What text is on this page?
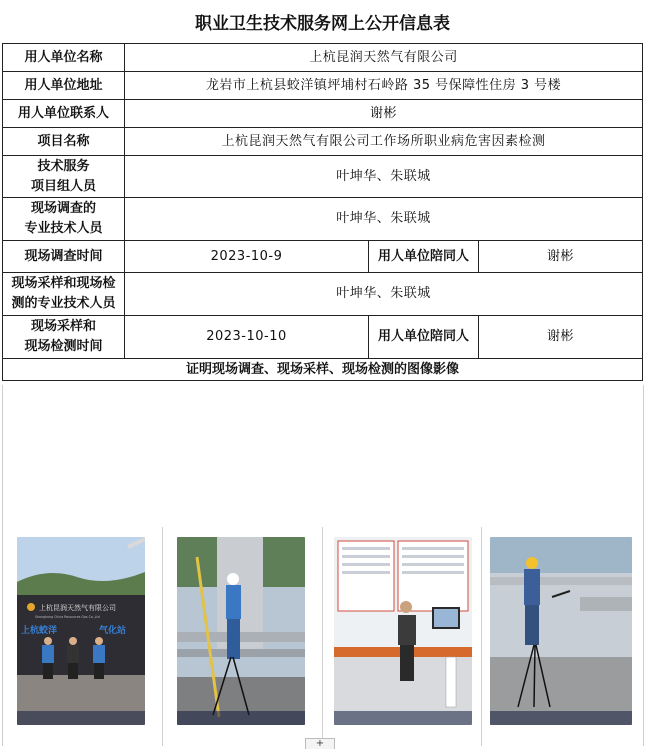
职业卫生技术服务网上公开信息表
用人单位名称	上杭昆润天然气有限公司		
用人单位地址	龙岩市上杭县蛟洋镇坪埔村石岭路 35 号保障性住房 3 号楼		
用人单位联系人	谢彬		
项目名称	上杭昆润天然气有限公司工作场所职业病危害因素检测		

技术服务
项目组人员	叶坤华、朱联城		

现场调查的
专业技术人员	叶坤华、朱联城		
现场调查时间	2023-10-9	用人单位陪同人	谢彬

现场采样和现场检
测的专业技术人员	叶坤华、朱联城		

现场采样和
现场检测时间	2023-10-10	用人单位陪同人	谢彬
证明现场调查、现场采样、现场检测的图像影像			
上杭昆润天然气有限公司
Shanghang China Resources Gas Co.,Ltd
上杭蛟洋	气化站
+
